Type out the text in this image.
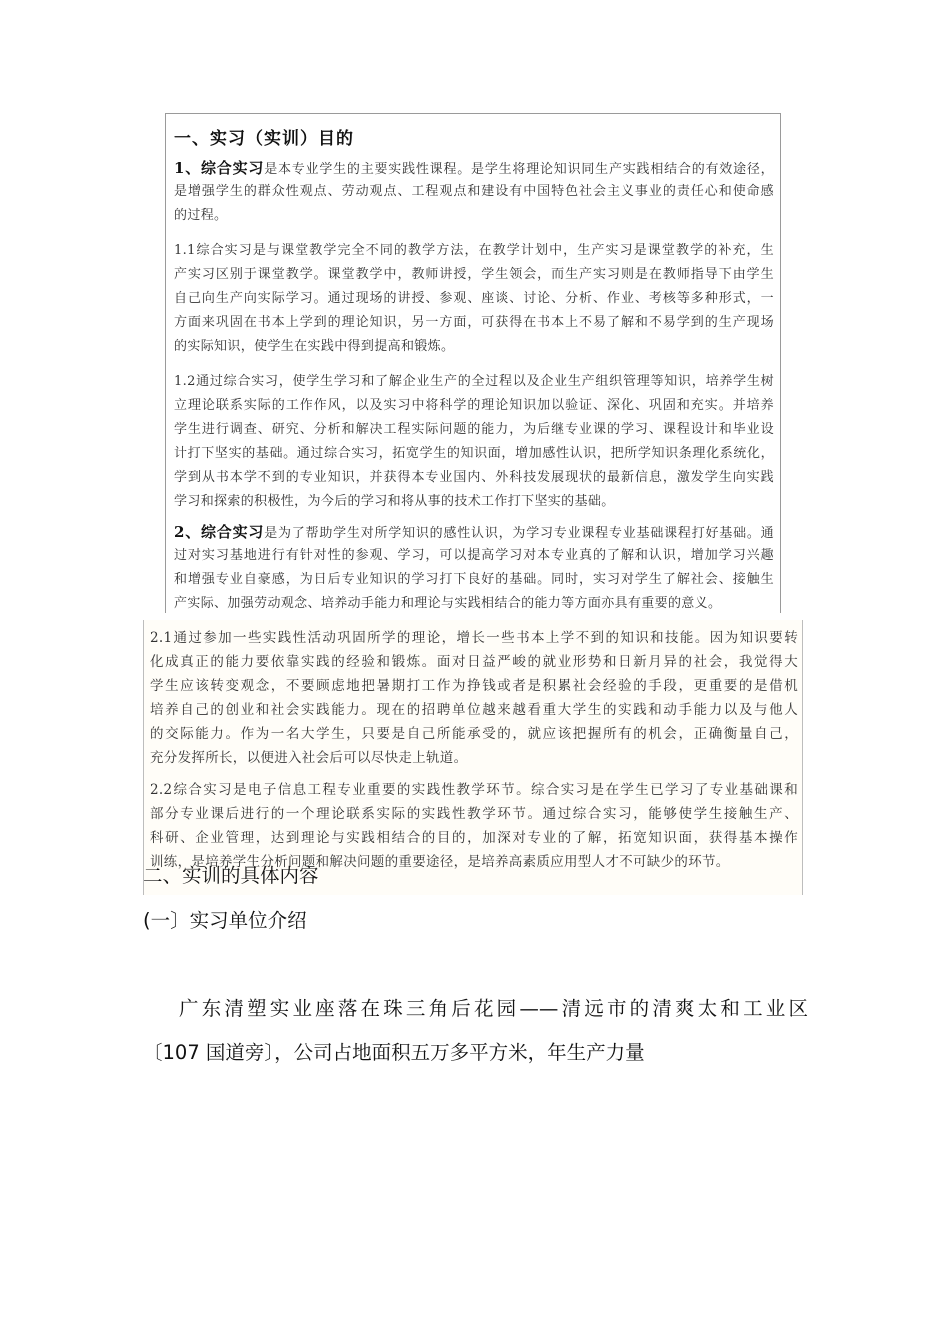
一、实习（实训）目的
1、综合实习是本专业学生的主要实践性课程。是学生将理论知识同生产实践相结合的有效途径，
是增强学生的群众性观点、劳动观点、工程观点和建设有中国特色社会主义事业的责任心和使命感
的过程。
1.1综合实习是与课堂教学完全不同的教学方法，在教学计划中，生产实习是课堂教学的补充，生
产实习区别于课堂教学。课堂教学中，教师讲授，学生领会，而生产实习则是在教师指导下由学生
自己向生产向实际学习。通过现场的讲授、参观、座谈、讨论、分析、作业、考核等多种形式，一
方面来巩固在书本上学到的理论知识，另一方面，可获得在书本上不易了解和不易学到的生产现场
的实际知识，使学生在实践中得到提高和锻炼。
1.2通过综合实习，使学生学习和了解企业生产的全过程以及企业生产组织管理等知识，培养学生树
立理论联系实际的工作作风，以及实习中将科学的理论知识加以验证、深化、巩固和充实。并培养
学生进行调查、研究、分析和解决工程实际问题的能力，为后继专业课的学习、课程设计和毕业设
计打下坚实的基础。通过综合实习，拓宽学生的知识面，增加感性认识，把所学知识条理化系统化，
学到从书本学不到的专业知识，并获得本专业国内、外科技发展现状的最新信息，激发学生向实践
学习和探索的积极性，为今后的学习和将从事的技术工作打下坚实的基础。
2、综合实习是为了帮助学生对所学知识的感性认识，为学习专业课程专业基础课程打好基础。通
过对实习基地进行有针对性的参观、学习，可以提高学习对本专业真的了解和认识，增加学习兴趣
和增强专业自豪感，为日后专业知识的学习打下良好的基础。同时，实习对学生了解社会、接触生
产实际、加强劳动观念、培养动手能力和理论与实践相结合的能力等方面亦具有重要的意义。
2.1通过参加一些实践性活动巩固所学的理论，增长一些书本上学不到的知识和技能。因为知识要转
化成真正的能力要依靠实践的经验和锻炼。面对日益严峻的就业形势和日新月异的社会，我觉得大
学生应该转变观念，不要顾虑地把暑期打工作为挣钱或者是积累社会经验的手段，更重要的是借机
培养自己的创业和社会实践能力。现在的招聘单位越来越看重大学生的实践和动手能力以及与他人
的交际能力。作为一名大学生，只要是自己所能承受的，就应该把握所有的机会，正确衡量自己，
充分发挥所长，以便进入社会后可以尽快走上轨道。
2.2综合实习是电子信息工程专业重要的实践性教学环节。综合实习是在学生已学习了专业基础课和
部分专业课后进行的一个理论联系实际的实践性教学环节。通过综合实习，能够使学生接触生产、
科研、企业管理，达到理论与实践相结合的目的，加深对专业的了解，拓宽知识面，获得基本操作
训练，是培养学生分析问题和解决问题的重要途径，是培养高素质应用型人才不可缺少的环节。
二、实训的具体内容
(一〕实习单位介绍
广东清塑实业座落在珠三角后花园——清远市的清爽太和工业区
〔107 国道旁〕，公司占地面积五万多平方米，年生产力量
